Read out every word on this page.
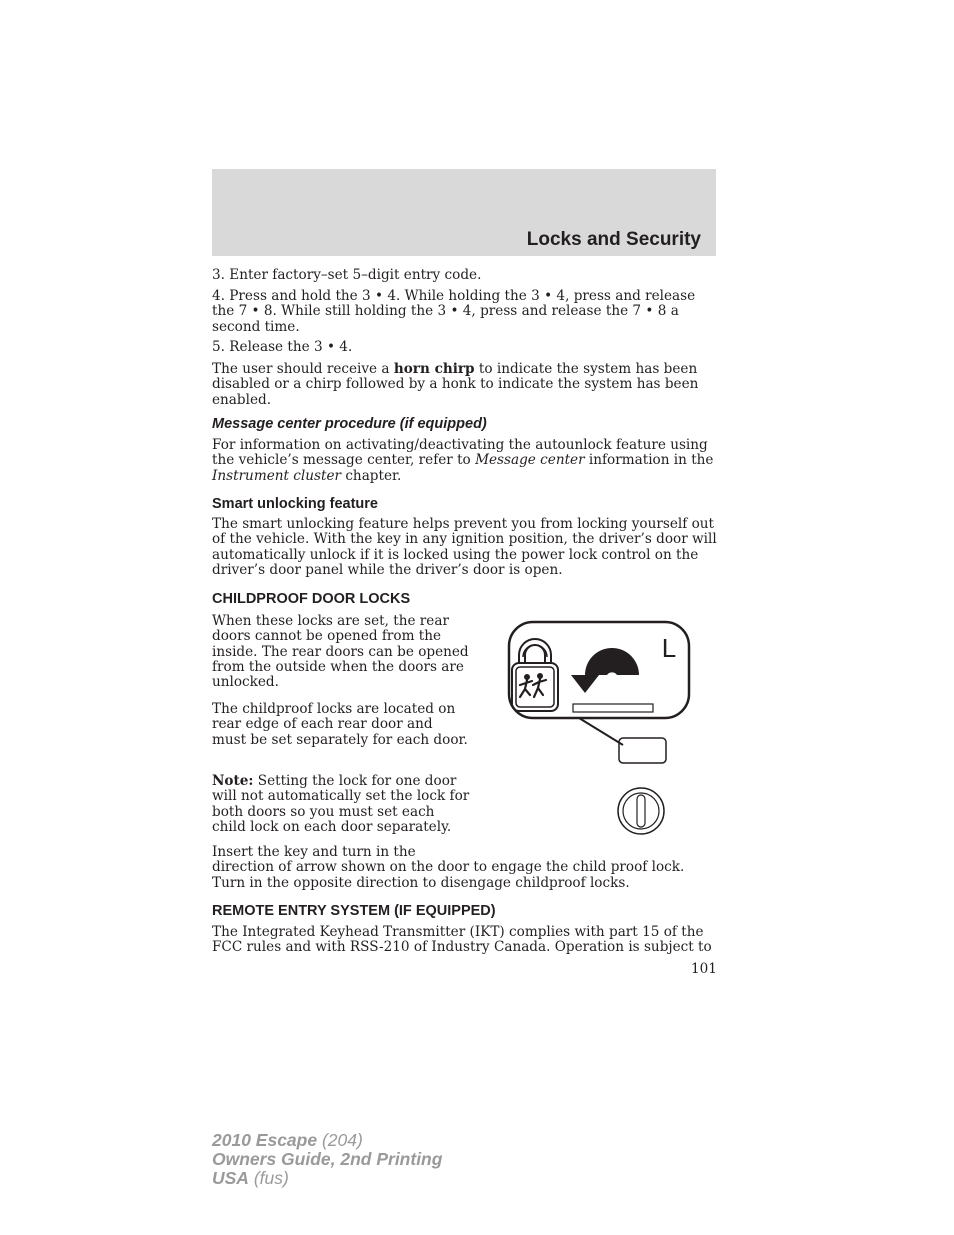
Locks and Security

3. Enter factory–set 5–digit entry code.

4. Press and hold the 3 • 4. While holding the 3 • 4, press and release the 7 • 8. While still holding the 3 • 4, press and release the 7 • 8 a second time.

5. Release the 3 • 4.

The user should receive a horn chirp to indicate the system has been disabled or a chirp followed by a honk to indicate the system has been enabled.

Message center procedure (if equipped)

For information on activating/deactivating the autounlock feature using the vehicle’s message center, refer to Message center information in the Instrument cluster chapter.

Smart unlocking feature

The smart unlocking feature helps prevent you from locking yourself out of the vehicle. With the key in any ignition position, the driver’s door will automatically unlock if it is locked using the power lock control on the driver’s door panel while the driver’s door is open.

CHILDPROOF DOOR LOCKS

When these locks are set, the rear doors cannot be opened from the inside. The rear doors can be opened from the outside when the doors are unlocked.

The childproof locks are located on rear edge of each rear door and must be set separately for each door.

Note: Setting the lock for one door will not automatically set the lock for both doors so you must set each child lock on each door separately.

Insert the key and turn in the
direction of arrow shown on the door to engage the child proof lock. Turn in the opposite direction to disengage childproof locks.

L
REMOTE ENTRY SYSTEM (IF EQUIPPED)

The Integrated Keyhead Transmitter (IKT) complies with part 15 of the FCC rules and with RSS-210 of Industry Canada. Operation is subject to

101
2010 Escape (204)
Owners Guide, 2nd Printing
USA (fus)
